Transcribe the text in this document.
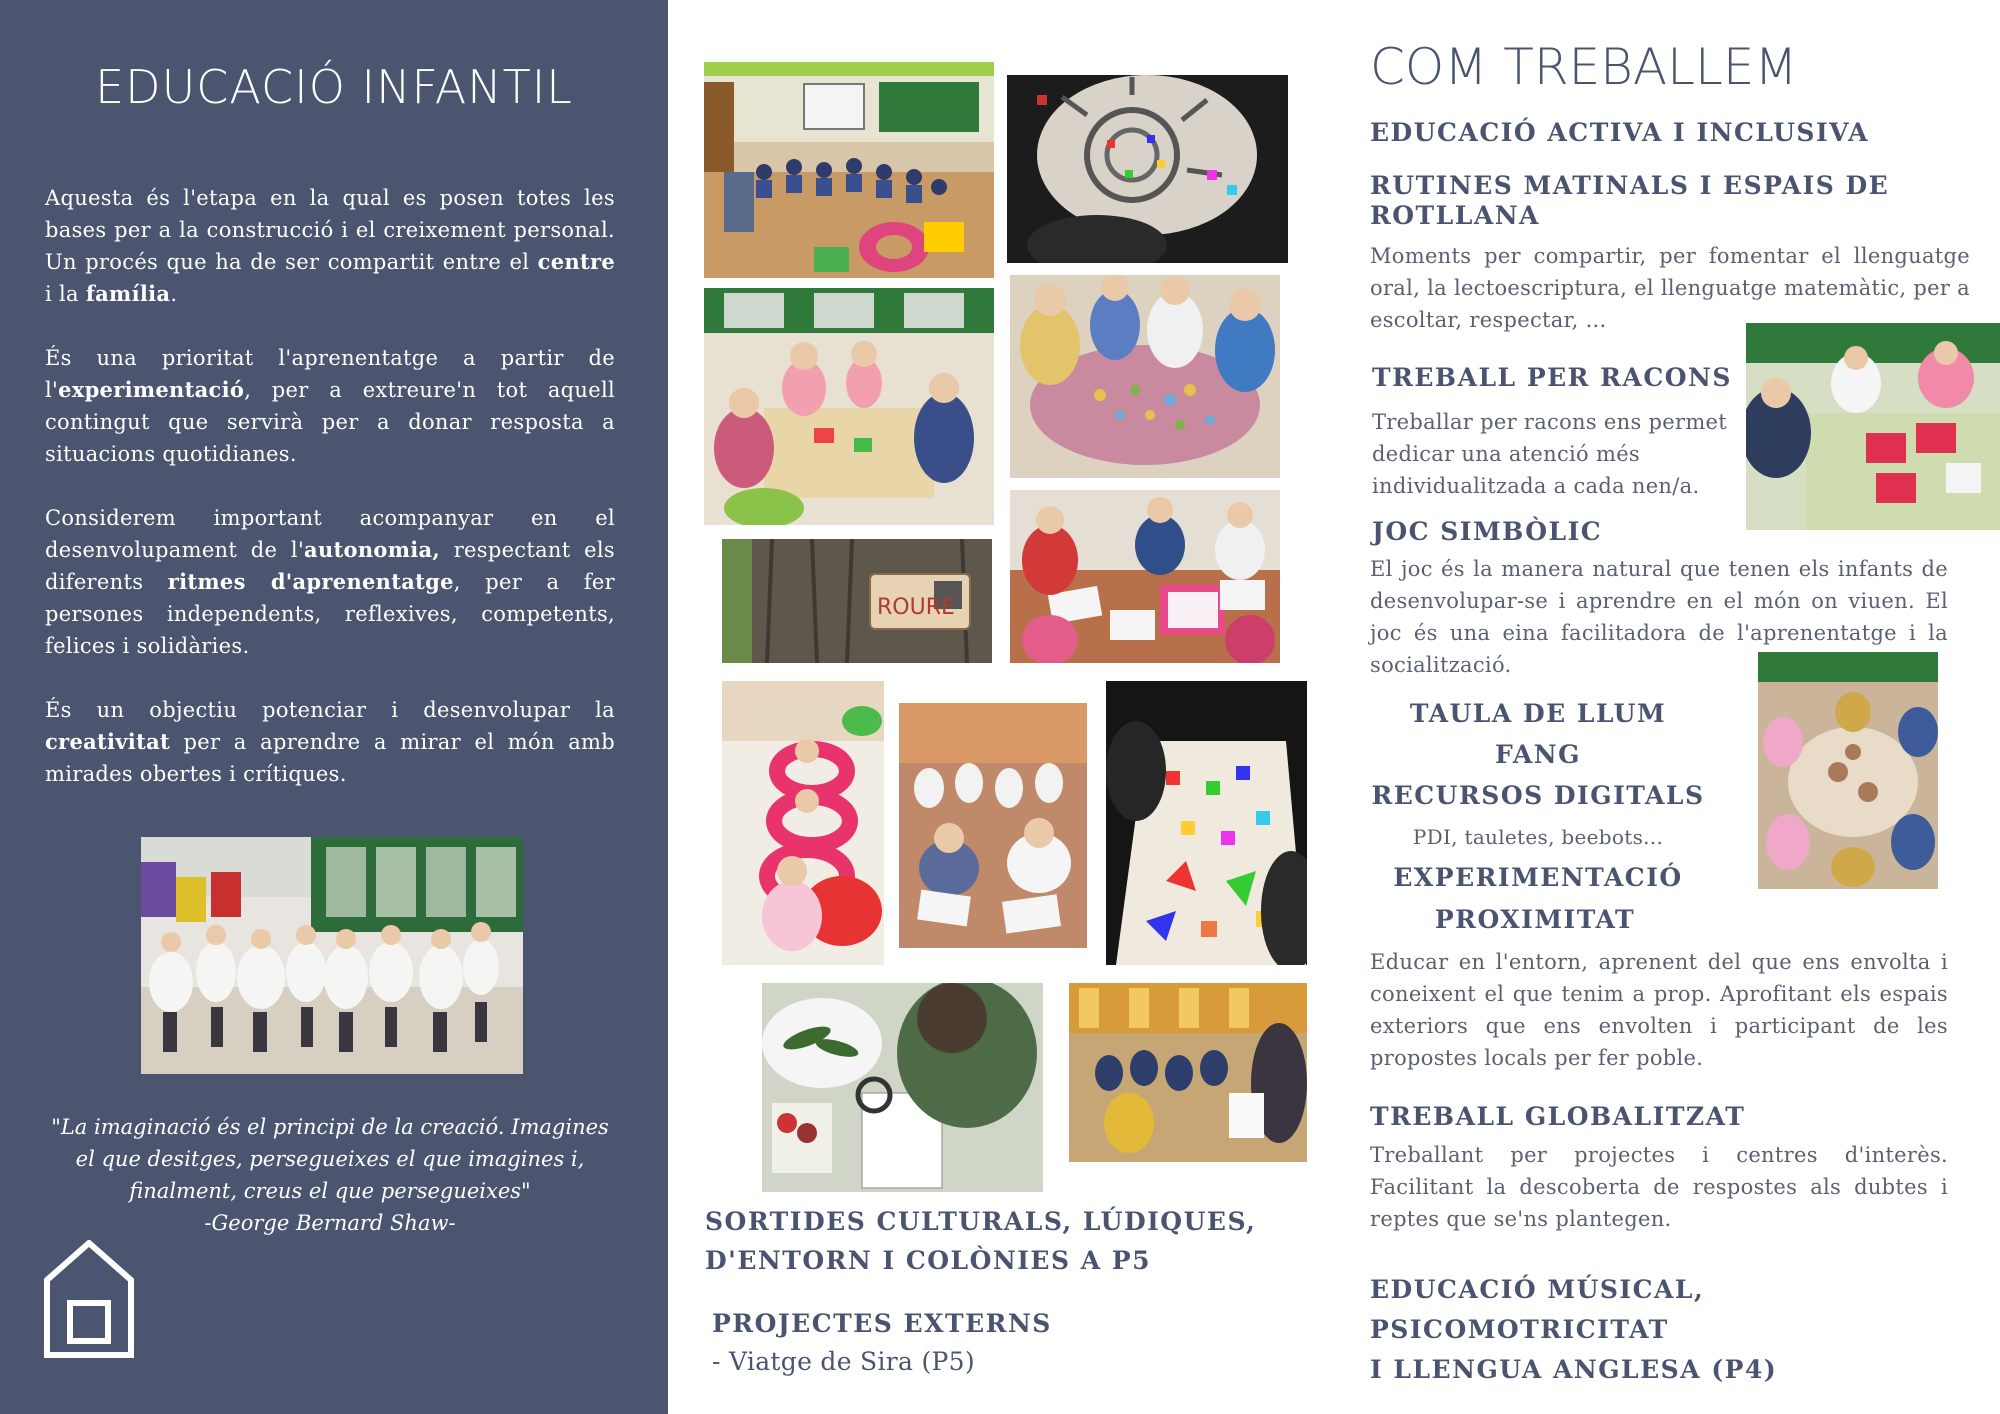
EDUCACIÓ INFANTIL

Aquesta és l'etapa en la qual es posen totes les bases per a la construcció i el creixement personal. Un procés que ha de ser compartit entre el centre i la família.

És una prioritat l'aprenentatge a partir de l'experimentació, per a extreure'n tot aquell contingut que servirà per a donar resposta a situacions quotidianes.

Considerem important acompanyar en el desenvolupament de l'autonomia, respectant els diferents ritmes d'aprenentatge, per a fer persones independents, reflexives, competents, felices i solidàries.

És un objectiu potenciar i desenvolupar la creativitat per a aprendre a mirar el món amb mirades obertes i crítiques.

"La imaginació és el principi de la creació. Imagines
el que desitges, persegueixes el que imagines i,
finalment, creus el que persegueixes"
-George Bernard Shaw-
ROURE
SORTIDES CULTURALS, LÚDIQUES,
D'ENTORN I COLÒNIES A P5
PROJECTES EXTERNS
- Viatge de Sira (P5)
COM TREBALLEM
EDUCACIÓ ACTIVA I INCLUSIVA
RUTINES MATINALS I ESPAIS DE
ROTLLANA
Moments per compartir, per fomentar el llenguatge oral, la lectoescriptura, el llenguatge matemàtic, per a escoltar, respectar, ...
TREBALL PER RACONS
Treballar per racons ens permet
dedicar una atenció més
individualitzada a cada nen/a.
JOC SIMBÒLIC
El joc és la manera natural que tenen els infants de desenvolupar-se i aprendre en el món on viuen. El joc és una eina facilitadora de l'aprenentatge i la socialització.
TAULA DE LLUM
FANG
RECURSOS DIGITALS
PDI, tauletes, beebots...
EXPERIMENTACIÓ
PROXIMITAT
Educar en l'entorn, aprenent del que ens envolta i coneixent el que tenim a prop. Aprofitant els espais exteriors que ens envolten i participant de les propostes locals per fer poble.
TREBALL GLOBALITZAT
Treballant per projectes i centres d'interès. Facilitant la descoberta de respostes als dubtes i reptes que se'ns plantegen.
EDUCACIÓ MÚSICAL, PSICOMOTRICITAT
I LLENGUA ANGLESA (P4)
